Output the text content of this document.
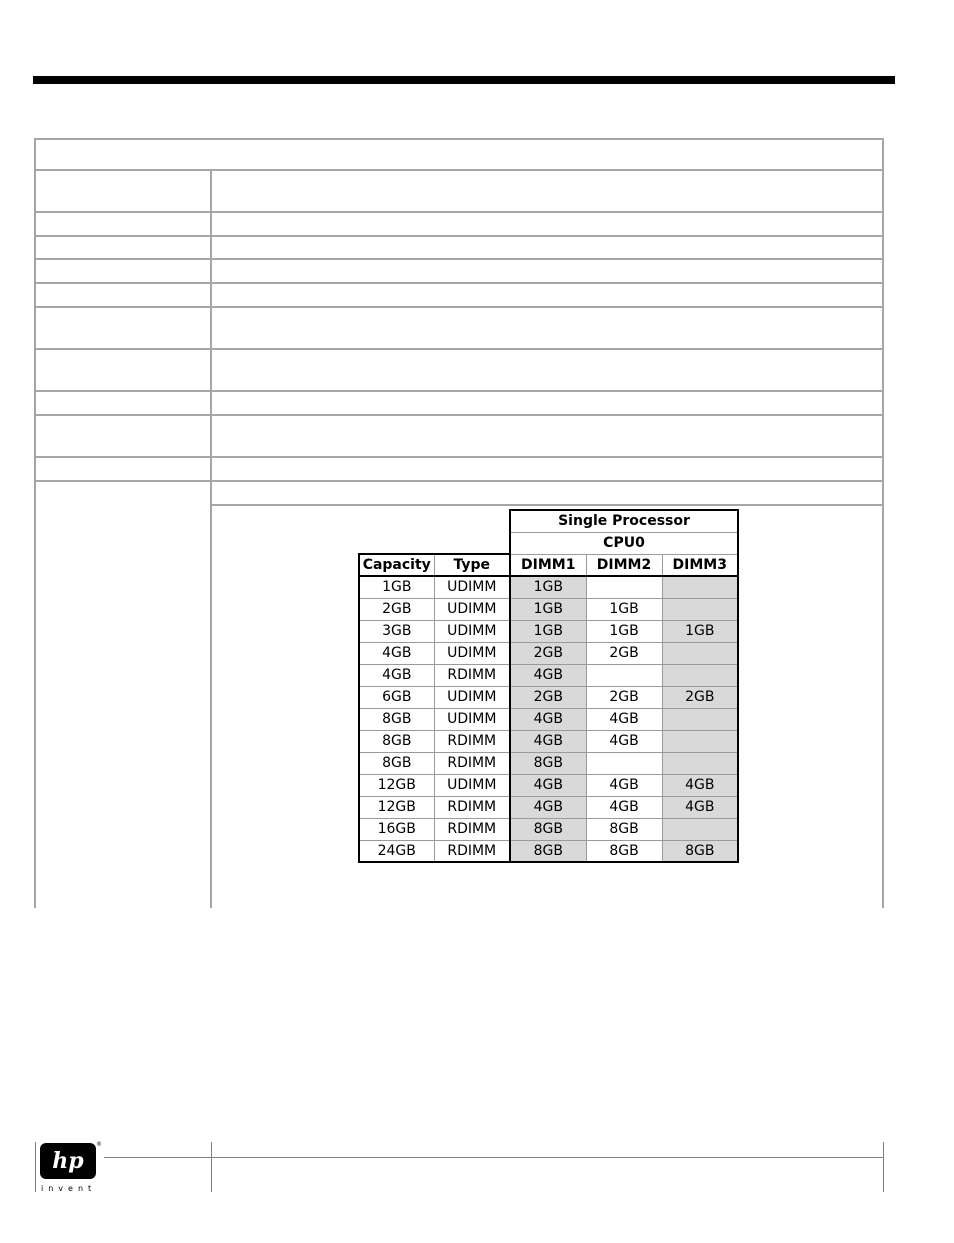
		Single Processor		
		CPU0		
Capacity	Type	DIMM1	DIMM2	DIMM3
1GB	UDIMM	1GB		
2GB	UDIMM	1GB	1GB	
3GB	UDIMM	1GB	1GB	1GB
4GB	UDIMM	2GB	2GB	
4GB	RDIMM	4GB		
6GB	UDIMM	2GB	2GB	2GB
8GB	UDIMM	4GB	4GB	
8GB	RDIMM	4GB	4GB	
8GB	RDIMM	8GB		
12GB	UDIMM	4GB	4GB	4GB
12GB	RDIMM	4GB	4GB	4GB
16GB	RDIMM	8GB	8GB	
24GB	RDIMM	8GB	8GB	8GB
hp
®
invent
